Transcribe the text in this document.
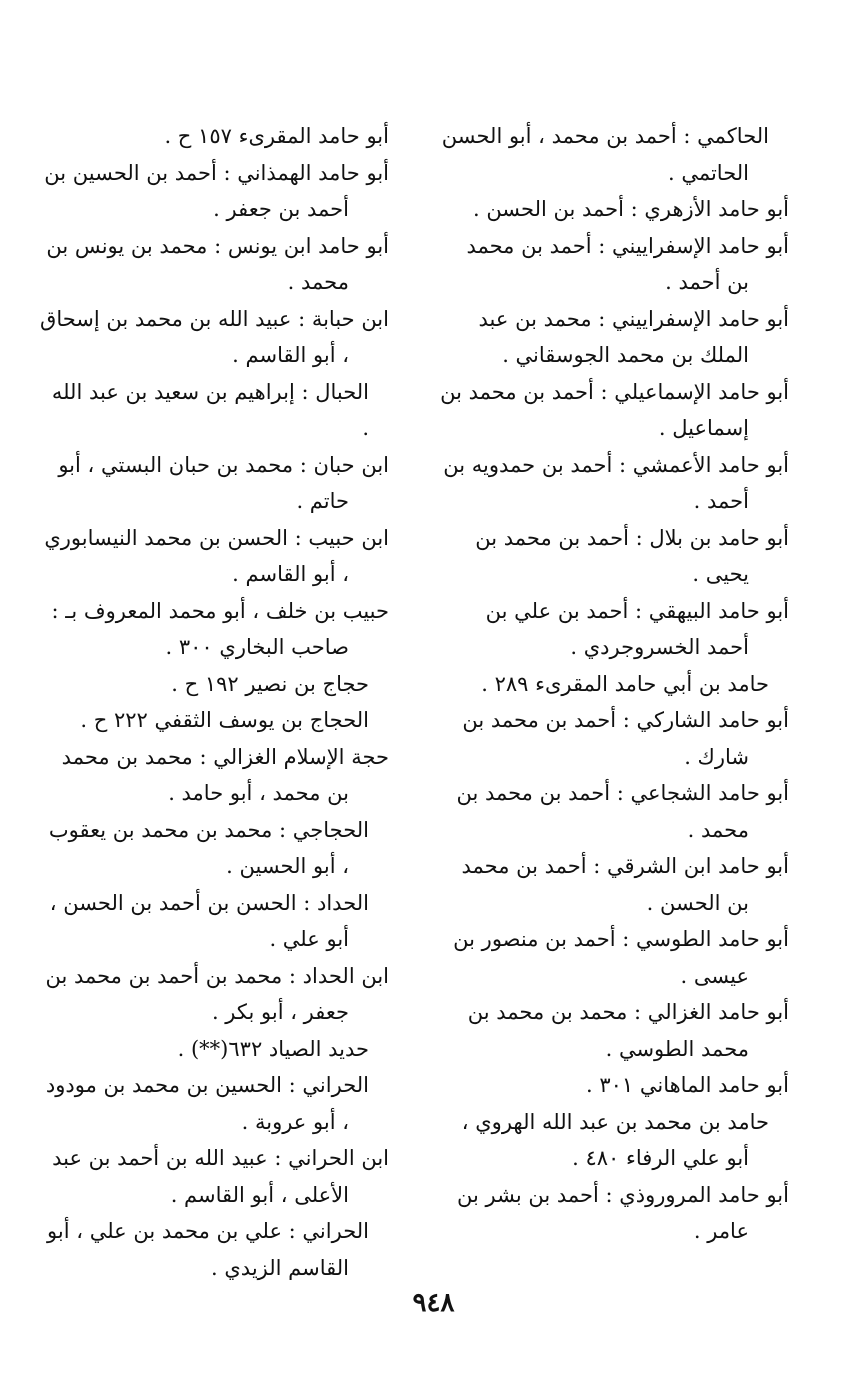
الحاكمي : أحمد بن محمد ، أبو الحسن الحاتمي .
أبو حامد الأزهري : أحمد بن الحسن .
أبو حامد الإسفراييني : أحمد بن محمد بن أحمد .
أبو حامد الإسفراييني : محمد بن عبد الملك بن محمد الجوسقاني .
أبو حامد الإسماعيلي : أحمد بن محمد بن إسماعيل .
أبو حامد الأعمشي : أحمد بن حمدويه بن أحمد .
أبو حامد بن بلال : أحمد بن محمد بن يحيى .
أبو حامد البيهقي : أحمد بن علي بن أحمد الخسروجردي .
حامد بن أبي حامد المقرىء ٢٨٩ .
أبو حامد الشاركي : أحمد بن محمد بن شارك .
أبو حامد الشجاعي : أحمد بن محمد بن محمد .
أبو حامد ابن الشرقي : أحمد بن محمد بن الحسن .
أبو حامد الطوسي : أحمد بن منصور بن عيسى .
أبو حامد الغزالي : محمد بن محمد بن محمد الطوسي .
أبو حامد الماهاني ٣٠١ .
حامد بن محمد بن عبد الله الهروي ، أبو علي الرفاء ٤٨٠ .
أبو حامد المروروذي : أحمد بن بشر بن عامر .
أبو حامد المقرىء ١٥٧ ح .
أبو حامد الهمذاني : أحمد بن الحسين بن أحمد بن جعفر .
أبو حامد ابن يونس : محمد بن يونس بن محمد .
ابن حبابة : عبيد الله بن محمد بن إسحاق ، أبو القاسم .
الحبال : إبراهيم بن سعيد بن عبد الله .
ابن حبان : محمد بن حبان البستي ، أبو حاتم .
ابن حبيب : الحسن بن محمد النيسابوري ، أبو القاسم .
حبيب بن خلف ، أبو محمد المعروف بـ : صاحب البخاري ٣٠٠ .
حجاج بن نصير ١٩٢ ح .
الحجاج بن يوسف الثقفي ٢٢٢ ح .
حجة الإسلام الغزالي : محمد بن محمد بن محمد ، أبو حامد .
الحجاجي : محمد بن محمد بن يعقوب ، أبو الحسين .
الحداد : الحسن بن أحمد بن الحسن ، أبو علي .
ابن الحداد : محمد بن أحمد بن محمد بن جعفر ، أبو بكر .
حديد الصياد ٦٣٢(**) .
الحراني : الحسين بن محمد بن مودود ، أبو عروبة .
ابن الحراني : عبيد الله بن أحمد بن عبد الأعلى ، أبو القاسم .
الحراني : علي بن محمد بن علي ، أبو القاسم الزيدي .
٩٤٨
